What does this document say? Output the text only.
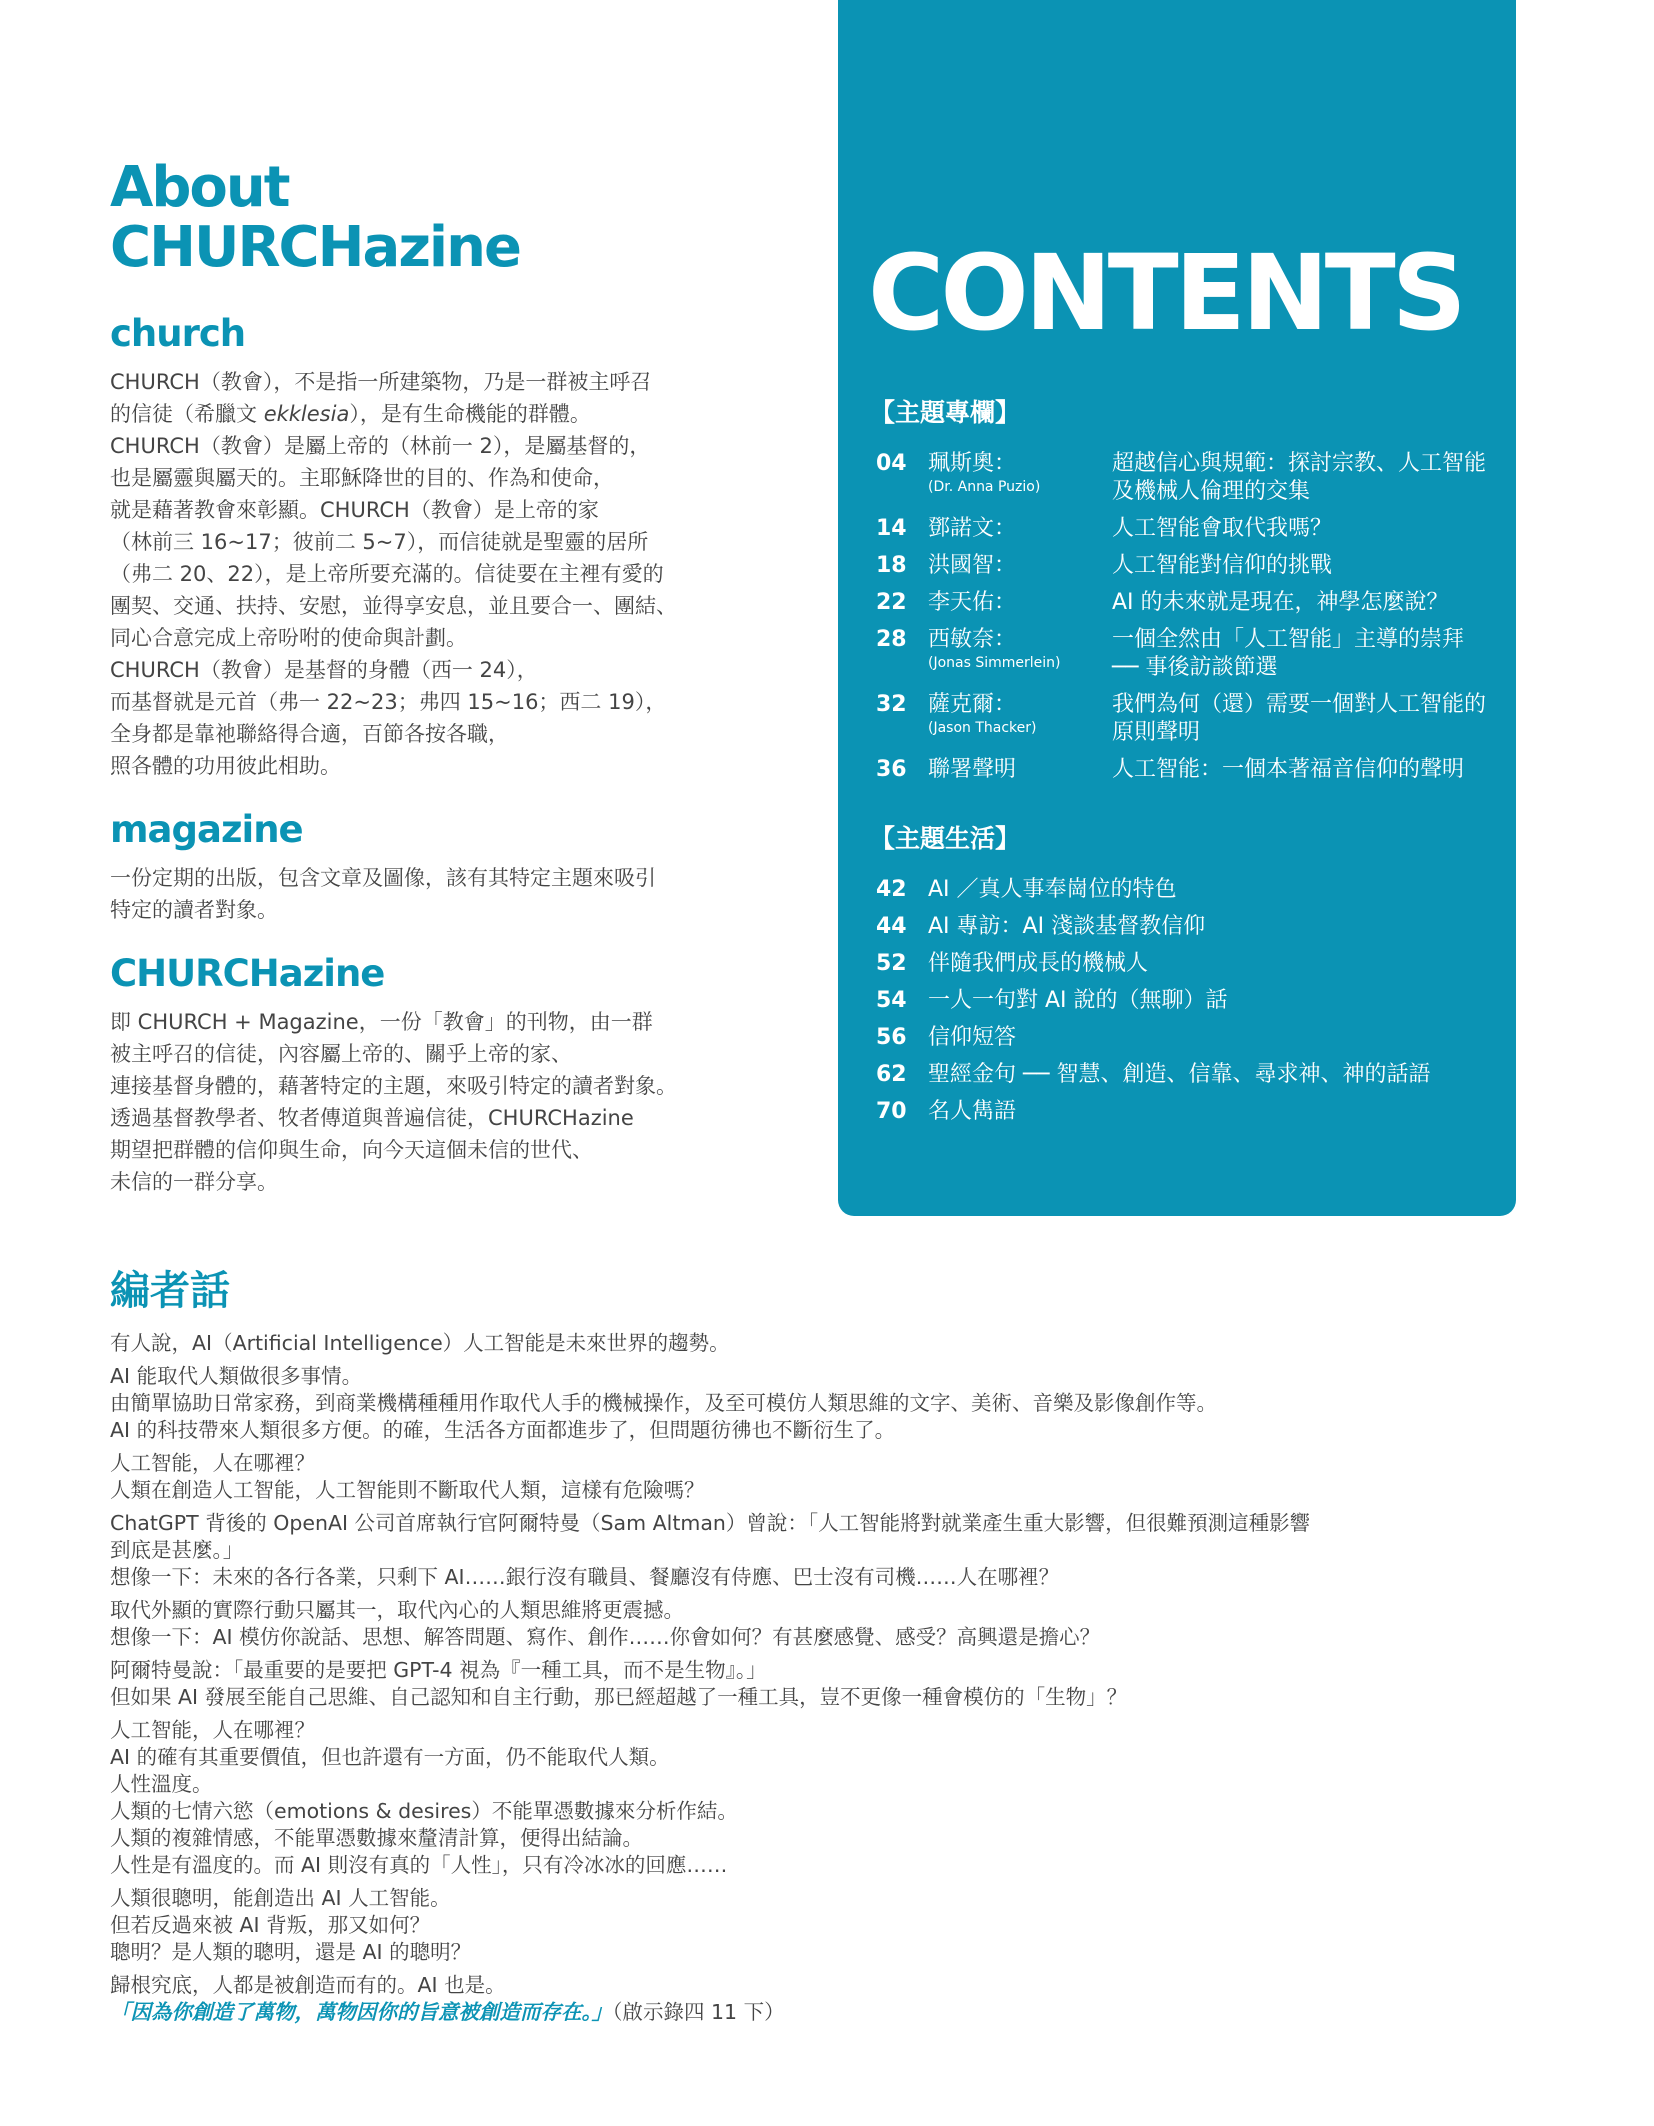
About
CHURCHazine
church
CHURCH（教會），不是指一所建築物，乃是一群被主呼召
的信徒（希臘文 ekklesia），是有生命機能的群體。
CHURCH（教會）是屬上帝的（林前一 2），是屬基督的，
也是屬靈與屬天的。主耶穌降世的目的、作為和使命，
就是藉著教會來彰顯。CHURCH（教會）是上帝的家
（林前三 16~17；彼前二 5~7），而信徒就是聖靈的居所
（弗二 20、22），是上帝所要充滿的。信徒要在主裡有愛的
團契、交通、扶持、安慰，並得享安息，並且要合一、團結、
同心合意完成上帝吩咐的使命與計劃。
CHURCH（教會）是基督的身體（西一 24），
而基督就是元首（弗一 22~23；弗四 15~16；西二 19），
全身都是靠祂聯絡得合適，百節各按各職，
照各體的功用彼此相助。
magazine
一份定期的出版，包含文章及圖像，該有其特定主題來吸引
特定的讀者對象。
CHURCHazine
即 CHURCH + Magazine，一份「教會」的刊物，由一群
被主呼召的信徒，內容屬上帝的、關乎上帝的家、
連接基督身體的，藉著特定的主題，來吸引特定的讀者對象。
透過基督教學者、牧者傳道與普遍信徒，CHURCHazine
期望把群體的信仰與生命，向今天這個未信的世代、
未信的一群分享。
CONTENTS
【主題專欄】
04 珮斯奧：
(Dr. Anna Puzio)
超越信心與規範：探討宗教、人工智能
及機械人倫理的交集
14 鄧諾文：	人工智能會取代我嗎？
18 洪國智：	人工智能對信仰的挑戰
22 李天佑：	AI 的未來就是現在，神學怎麼說？
28 西敏奈：
(Jonas Simmerlein)
一個全然由「人工智能」主導的崇拜
── 事後訪談節選
32 薩克爾：
(Jason Thacker)
我們為何（還）需要一個對人工智能的
原則聲明
36 聯署聲明	人工智能：一個本著福音信仰的聲明
【主題生活】
42 AI ／真人事奉崗位的特色
44 AI 專訪：AI 淺談基督教信仰
52 伴隨我們成長的機械人
54 一人一句對 AI 說的（無聊）話
56 信仰短答
62 聖經金句 ── 智慧、創造、信靠、尋求神、神的話語
70 名人雋語
編者話
有人說，AI（Artificial Intelligence）人工智能是未來世界的趨勢。
AI 能取代人類做很多事情。
由簡單協助日常家務，到商業機構種種用作取代人手的機械操作，及至可模仿人類思維的文字、美術、音樂及影像創作等。
AI 的科技帶來人類很多方便。的確，生活各方面都進步了，但問題彷彿也不斷衍生了。
人工智能，人在哪裡？
人類在創造人工智能，人工智能則不斷取代人類，這樣有危險嗎？
ChatGPT 背後的 OpenAI 公司首席執行官阿爾特曼（Sam Altman）曾說：「人工智能將對就業產生重大影響，但很難預測這種影響
到底是甚麼。」
想像一下：未來的各行各業，只剩下 AI……銀行沒有職員、餐廳沒有侍應、巴士沒有司機……人在哪裡？
取代外顯的實際行動只屬其一，取代內心的人類思維將更震撼。
想像一下：AI 模仿你說話、思想、解答問題、寫作、創作……你會如何？有甚麼感覺、感受？高興還是擔心？
阿爾特曼說：「最重要的是要把 GPT-4 視為『一種工具，而不是生物』。」
但如果 AI 發展至能自己思維、自己認知和自主行動，那已經超越了一種工具，豈不更像一種會模仿的「生物」？
人工智能，人在哪裡？
AI 的確有其重要價值，但也許還有一方面，仍不能取代人類。
人性溫度。
人類的七情六慾（emotions & desires）不能單憑數據來分析作結。
人類的複雜情感，不能單憑數據來釐清計算，便得出結論。
人性是有溫度的。而 AI 則沒有真的「人性」，只有冷冰冰的回應……
人類很聰明，能創造出 AI 人工智能。
但若反過來被 AI 背叛，那又如何？
聰明？是人類的聰明，還是 AI 的聰明？
歸根究底，人都是被創造而有的。AI 也是。
「因為你創造了萬物，萬物因你的旨意被創造而存在。」（啟示錄四 11 下）
